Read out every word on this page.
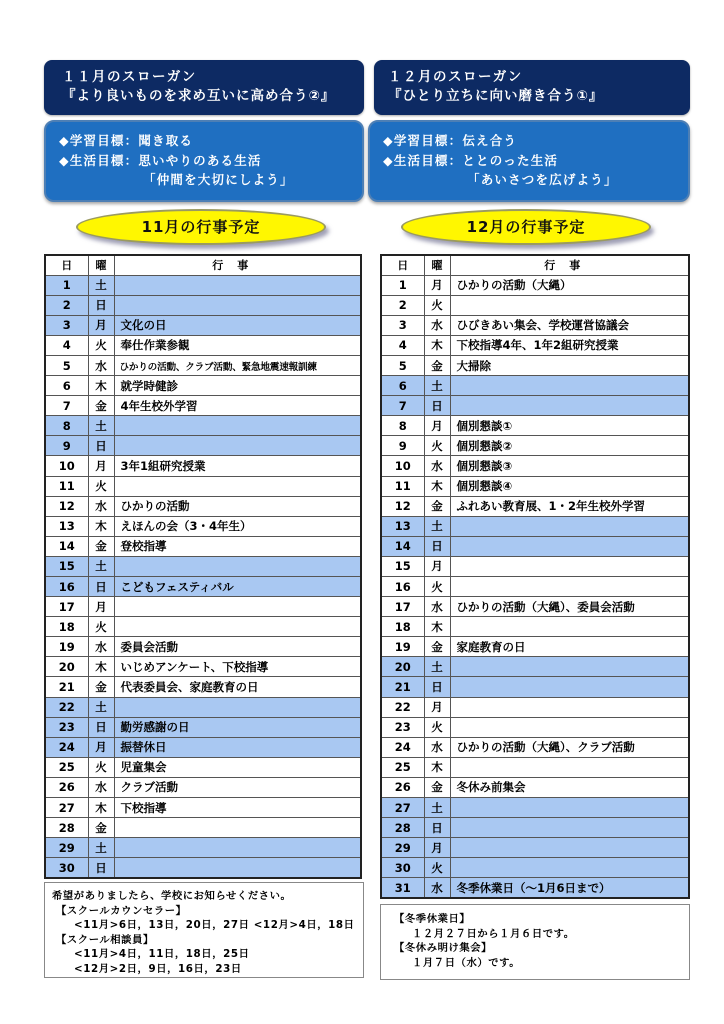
１１月のスローガン
『より良いものを求め互いに高め合う②』
◆学習目標：聞き取る
◆生活目標：思いやりのある生活
「仲間を大切にしよう」
11月の行事予定
日	曜	行事
1	土	
2	日	
3	月	文化の日
4	火	奉仕作業参観
5	水	ひかりの活動、クラブ活動、緊急地震速報訓練
6	木	就学時健診
7	金	4年生校外学習
8	土	
9	日	
10	月	3年1組研究授業
11	火	
12	水	ひかりの活動
13	木	えほんの会（3・4年生）
14	金	登校指導
15	土	
16	日	こどもフェスティバル
17	月	
18	火	
19	水	委員会活動
20	木	いじめアンケート、下校指導
21	金	代表委員会、家庭教育の日
22	土	
23	日	勤労感謝の日
24	月	振替休日
25	火	児童集会
26	水	クラブ活動
27	木	下校指導
28	金	
29	土	
30	日	
希望がありましたら、学校にお知らせください。
【スクールカウンセラー】
<11月>6日，13日，20日，27日 <12月>4日，18日
【スクール相談員】
<11月>4日，11日，18日，25日
<12月>2日，9日，16日，23日
１２月のスローガン
『ひとり立ちに向い磨き合う①』
◆学習目標：伝え合う
◆生活目標：ととのった生活
「あいさつを広げよう」
12月の行事予定
日	曜	行事
1	月	ひかりの活動（大縄）
2	火	
3	水	ひびきあい集会、学校運営協議会
4	木	下校指導4年、1年2組研究授業
5	金	大掃除
6	土	
7	日	
8	月	個別懇談①
9	火	個別懇談②
10	水	個別懇談③
11	木	個別懇談④
12	金	ふれあい教育展、1・2年生校外学習
13	土	
14	日	
15	月	
16	火	
17	水	ひかりの活動（大縄）、委員会活動
18	木	
19	金	家庭教育の日
20	土	
21	日	
22	月	
23	火	
24	水	ひかりの活動（大縄）、クラブ活動
25	木	
26	金	冬休み前集会
27	土	
28	日	
29	月	
30	火	
31	水	冬季休業日（～1月6日まで）
【冬季休業日】
１２月２７日から１月６日です。
【冬休み明け集会】
１月７日（水）です。
